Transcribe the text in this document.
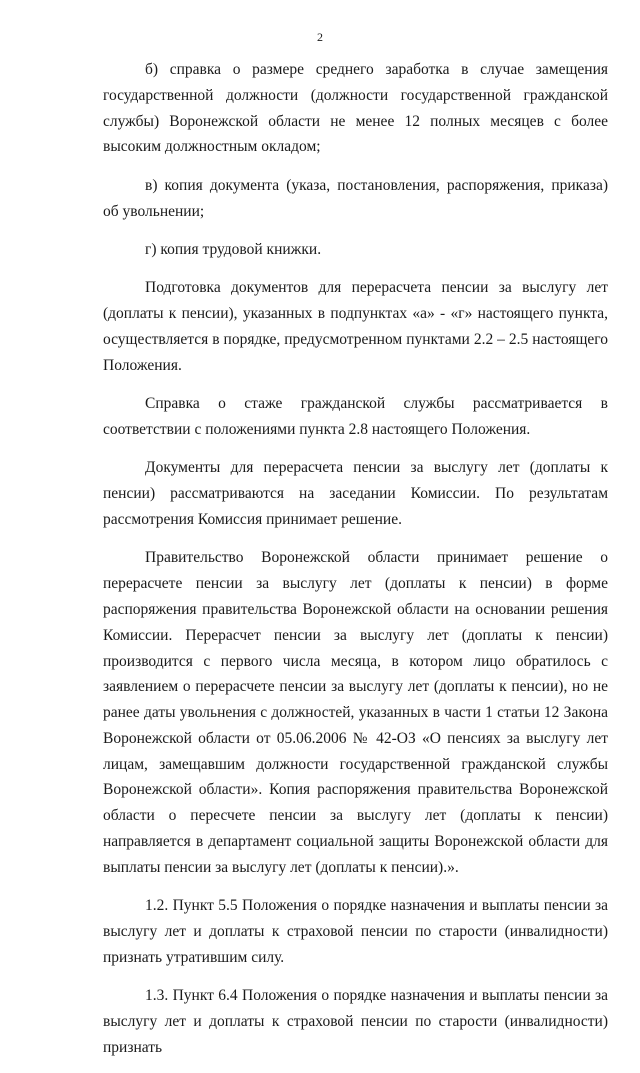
2

б) справка о размере среднего заработка в случае замещения государственной должности (должности государственной гражданской службы) Воронежской области не менее 12 полных месяцев с более высоким должностным окладом;

в) копия документа (указа, постановления, распоряжения, приказа) об увольнении;

г) копия трудовой книжки.

Подготовка документов для перерасчета пенсии за выслугу лет (доплаты к пенсии), указанных в подпунктах «а» - «г» настоящего пункта, осуществляется в порядке, предусмотренном пунктами 2.2 – 2.5 настоящего Положения.

Справка о стаже гражданской службы рассматривается в соответствии с положениями пункта 2.8 настоящего Положения.

Документы для перерасчета пенсии за выслугу лет (доплаты к пенсии) рассматриваются на заседании Комиссии. По результатам рассмотрения Комиссия принимает решение.

Правительство Воронежской области принимает решение о перерасчете пенсии за выслугу лет (доплаты к пенсии) в форме распоряжения правительства Воронежской области на основании решения Комиссии. Перерасчет пенсии за выслугу лет (доплаты к пенсии) производится с первого числа месяца, в котором лицо обратилось с заявлением о перерасчете пенсии за выслугу лет (доплаты к пенсии), но не ранее даты увольнения с должностей, указанных в части 1 статьи 12 Закона Воронежской области от 05.06.2006 № 42-ОЗ «О пенсиях за выслугу лет лицам, замещавшим должности государственной гражданской службы Воронежской области». Копия распоряжения правительства Воронежской области о пересчете пенсии за выслугу лет (доплаты к пенсии) направляется в департамент социальной защиты Воронежской области для выплаты пенсии за выслугу лет (доплаты к пенсии).».

1.2. Пункт 5.5 Положения о порядке назначения и выплаты пенсии за выслугу лет и доплаты к страховой пенсии по старости (инвалидности) признать утратившим силу.

1.3. Пункт 6.4 Положения о порядке назначения и выплаты пенсии за выслугу лет и доплаты к страховой пенсии по старости (инвалидности) признать
